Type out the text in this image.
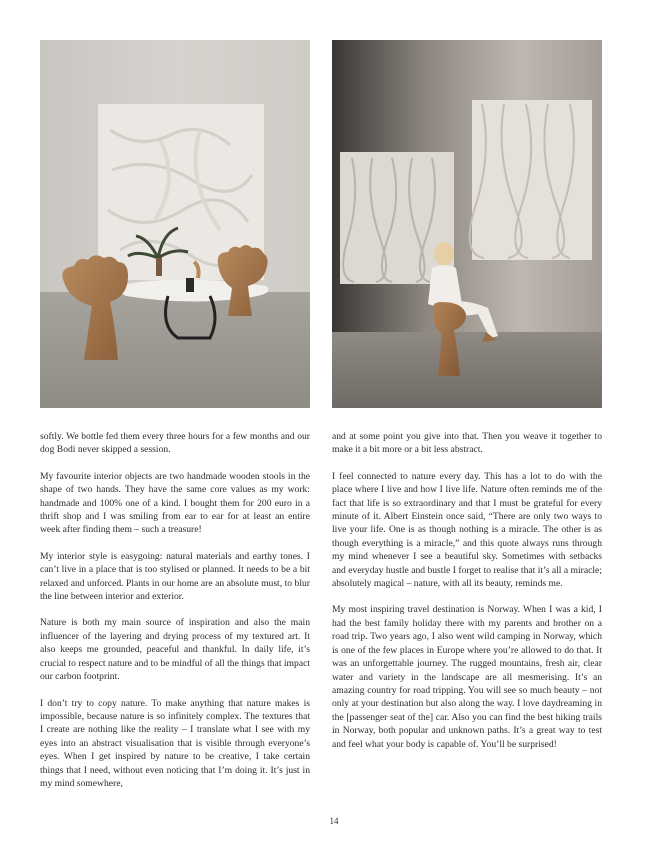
softly. We bottle fed them every three hours for a few months and our dog Bodi never skipped a session.

My favourite interior objects are two handmade wooden stools in the shape of two hands. They have the same core values as my work: handmade and 100% one of a kind. I bought them for 200 euro in a thrift shop and I was smiling from ear to ear for at least an entire week after finding them – such a treasure!

My interior style is easygoing: natural materials and earthy tones. I can’t live in a place that is too stylised or planned. It needs to be a bit relaxed and unforced. Plants in our home are an absolute must, to blur the line between interior and exterior.

Nature is both my main source of inspiration and also the main influencer of the layering and drying process of my textured art. It also keeps me grounded, peaceful and thankful. In daily life, it’s crucial to respect nature and to be mindful of all the things that impact our carbon footprint.

I don’t try to copy nature. To make anything that nature makes is impossible, because nature is so infinitely complex. The textures that I create are nothing like the reality – I translate what I see with my eyes into an abstract visualisation that is visible through everyone’s eyes. When I get inspired by nature to be creative, I take certain things that I need, without even noticing that I’m doing it. It’s just in my mind somewhere,

and at some point you give into that. Then you weave it together to make it a bit more or a bit less abstract.

I feel connected to nature every day. This has a lot to do with the place where I live and how I live life. Nature often reminds me of the fact that life is so extraordinary and that I must be grateful for every minute of it. Albert Einstein once said, “There are only two ways to live your life. One is as though nothing is a miracle. The other is as though everything is a miracle,” and this quote always runs through my mind whenever I see a beautiful sky. Sometimes with setbacks and everyday hustle and bustle I forget to realise that it’s all a miracle; absolutely magical – nature, with all its beauty, reminds me.

My most inspiring travel destination is Norway. When I was a kid, I had the best family holiday there with my parents and brother on a road trip. Two years ago, I also went wild camping in Norway, which is one of the few places in Europe where you’re allowed to do that. It was an unforgettable journey. The rugged mountains, fresh air, clear water and variety in the landscape are all mesmerising. It’s an amazing country for road tripping. You will see so much beauty – not only at your destination but also along the way. I love daydreaming in the [passenger seat of the] car. Also you can find the best hiking trails in Norway, both popular and unknown paths. It’s a great way to test and feel what your body is capable of. You’ll be surprised!

14
